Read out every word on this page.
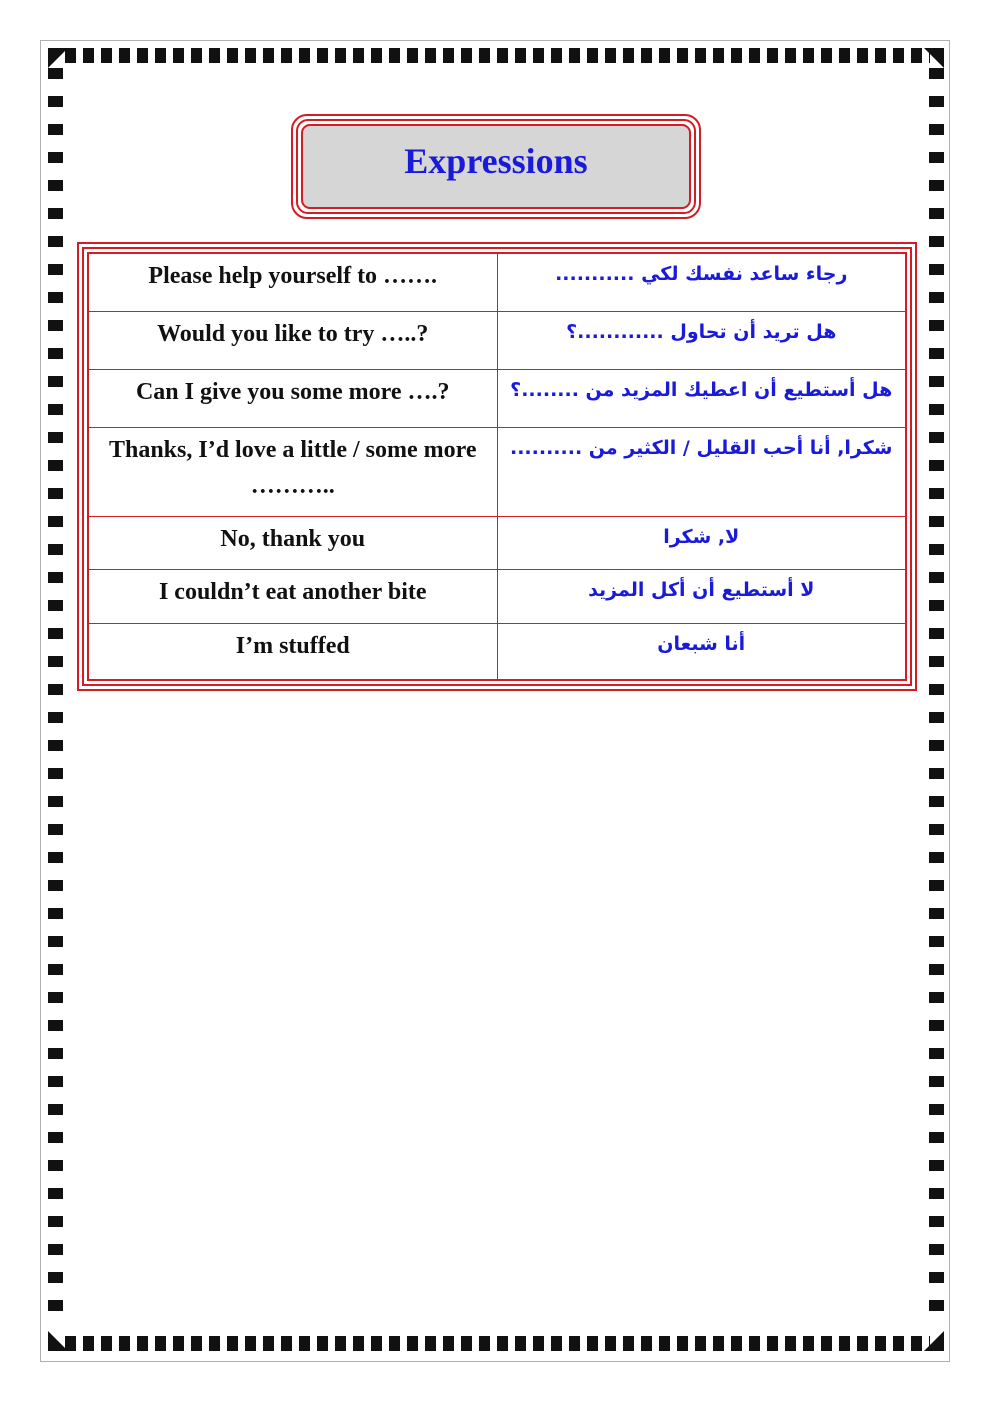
Expressions
Please help yourself to …….	رجاء ساعد نفسك لكي ...........
Would you like to try …..?	هل تريد أن تحاول ............؟
Can I give you some more ….?	هل أستطيع أن اعطيك المزيد من ........؟
Thanks, I’d love a little / some more ………..	شكرا, أنا أحب القليل / الكثير من ..........
No, thank you	لا, شكرا
I couldn’t eat another bite	لا أستطيع أن أكل المزيد
I’m stuffed	أنا شبعان
